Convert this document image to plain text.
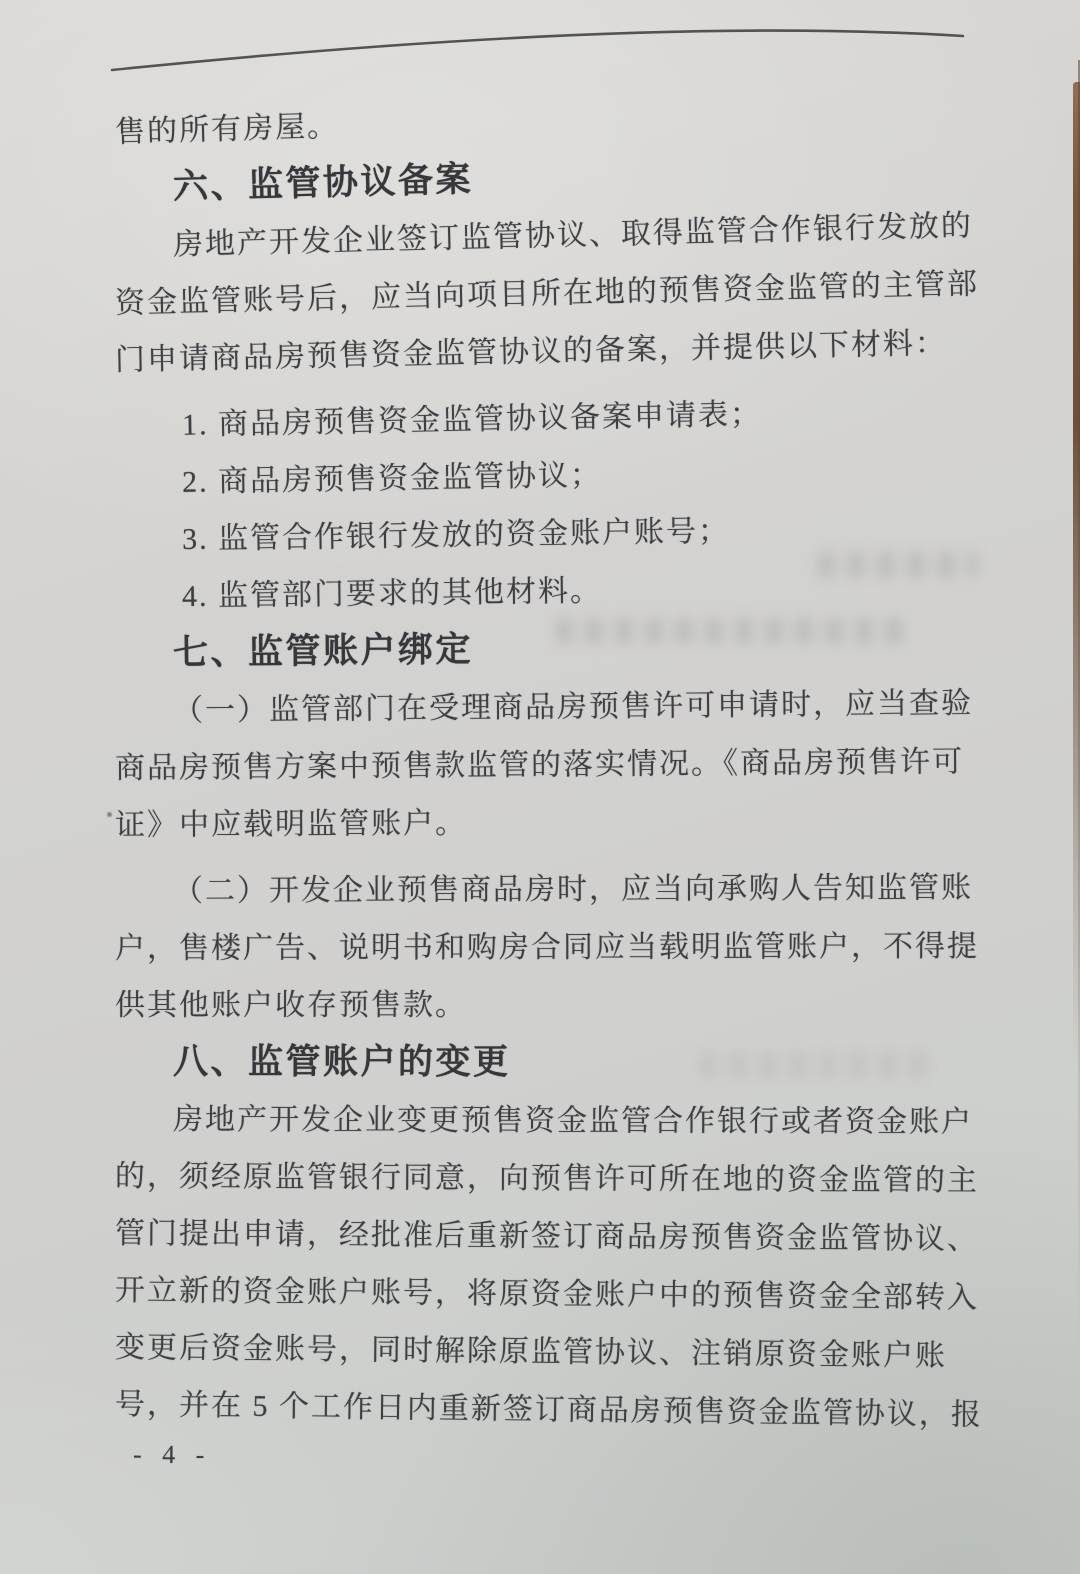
售的所有房屋。
六、监管协议备案
房地产开发企业签订监管协议、取得监管合作银行发放的
资金监管账号后，应当向项目所在地的预售资金监管的主管部
门申请商品房预售资金监管协议的备案，并提供以下材料：
1. 商品房预售资金监管协议备案申请表；
2. 商品房预售资金监管协议；
3. 监管合作银行发放的资金账户账号；
4. 监管部门要求的其他材料。
七、监管账户绑定
（一）监管部门在受理商品房预售许可申请时，应当查验
商品房预售方案中预售款监管的落实情况。《商品房预售许可
证》中应载明监管账户。
（二）开发企业预售商品房时，应当向承购人告知监管账
户，售楼广告、说明书和购房合同应当载明监管账户，不得提
供其他账户收存预售款。
八、监管账户的变更
房地产开发企业变更预售资金监管合作银行或者资金账户
的，须经原监管银行同意，向预售许可所在地的资金监管的主
管门提出申请，经批准后重新签订商品房预售资金监管协议、
开立新的资金账户账号，将原资金账户中的预售资金全部转入
变更后资金账号，同时解除原监管协议、注销原资金账户账
号，并在 5 个工作日内重新签订商品房预售资金监管协议，报
- 4 -
